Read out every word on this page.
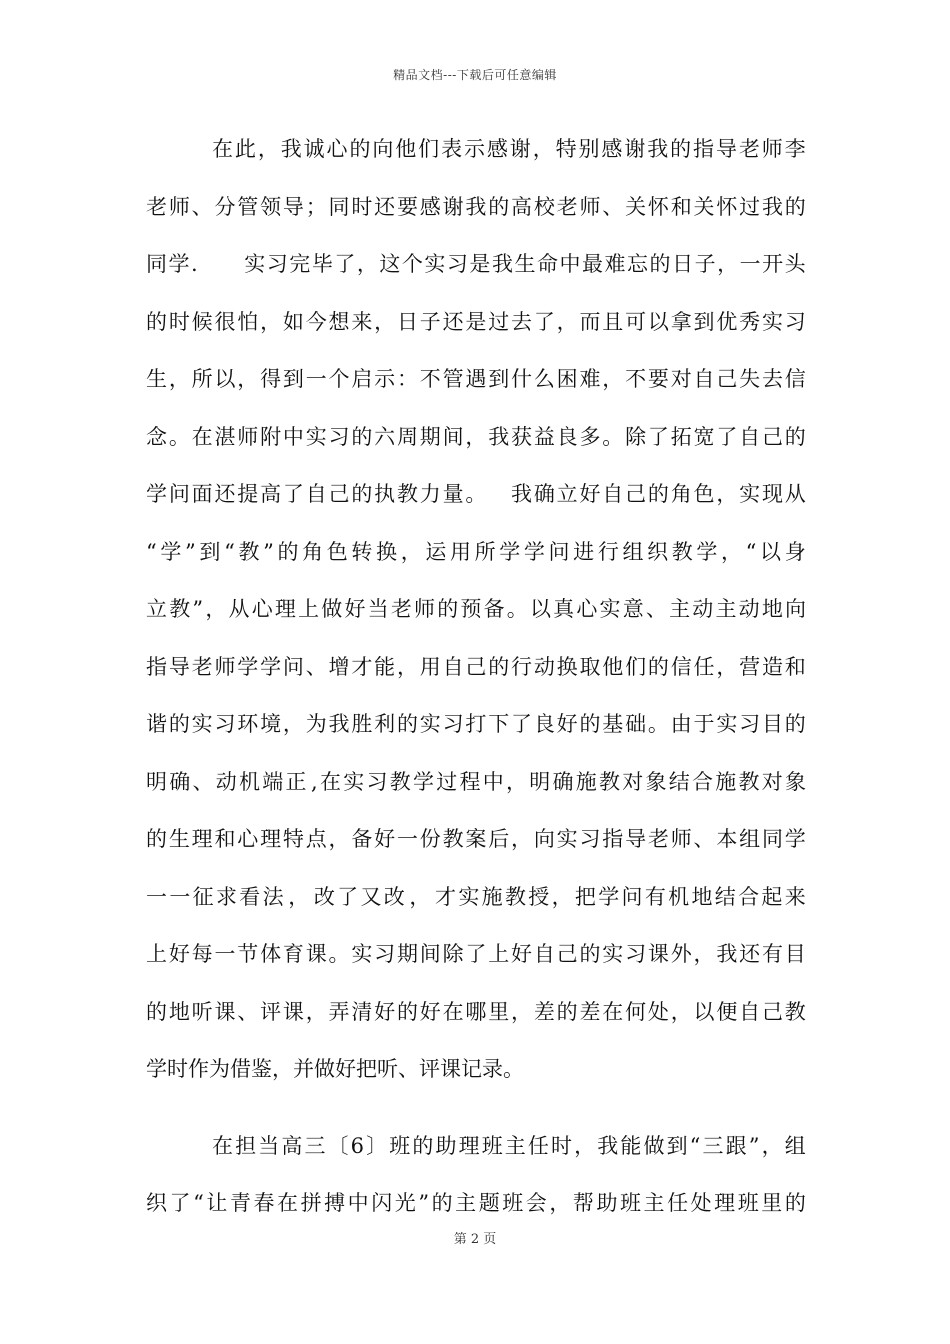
精品文档---下载后可任意编辑
在 此 ， 我 诚 心 的 向 他 们 表 示 感 谢 ， 特 别 感 谢 我 的 指 导 老 师 李
老 师 、 分 管 领 导 ； 同 时 还 要 感 谢 我 的 高 校 老 师 、 关 怀 和 关 怀 过 我 的
同 学 .

　 实 习 完 毕 了 ， 这 个 实 习 是 我 生 命 中 最 难 忘 的 日 子 ， 一 开 头
的 时 候 很 怕 ， 如 今 想 来 ， 日 子 还 是 过 去 了 ， 而 且 可 以 拿 到 优 秀 实 习
生 ， 所 以 ， 得 到 一 个 启 示 ： 不 管 遇 到 什 么 困 难 ， 不 要 对 自 己 失 去 信
念 。 在 湛 师 附 中 实 习 的 六 周 期 间 ， 我 获 益 良 多 。 除 了 拓 宽 了 自 己 的
学 问 面 还 提 高 了 自 己 的 执 教 力 量 。
　 我 确 立 好 自 己 的 角 色 ， 实 现 从
“ 学 ” 到 “ 教 ” 的 角 色 转 换 ， 运 用 所 学 学 问 进 行 组 织 教 学 ， “ 以 身
立 教 ” ， 从 心 理 上 做 好 当 老 师 的 预 备 。 以 真 心 实 意 、 主 动 主 动 地 向
指 导 老 师 学 学 问 、 增 才 能 ， 用 自 己 的 行 动 换 取 他 们 的 信 任 ， 营 造 和
谐 的 实 习 环 境 ， 为 我 胜 利 的 实 习 打 下 了 良 好 的 基 础 。 由 于 实 习 目 的
明 确 、 动 机 端 正 , 在 实 习 教 学 过 程 中 ， 明 确 施 教 对 象 结 合 施 教 对 象
的 生 理 和 心 理 特 点 ， 备 好 一 份 教 案 后 ， 向 实 习 指 导 老 师 、 本 组 同 学
一 一 征 求 看 法 ， 改 了 又 改 ， 才 实 施 教 授 ， 把 学 问 有 机 地 结 合 起 来
上 好 每 一 节 体 育 课 。 实 习 期 间 除 了 上 好 自 己 的 实 习 课 外 ， 我 还 有 目
的 地 听 课 、 评 课 ， 弄 清 好 的 好 在 哪 里 ， 差 的 差 在 何 处 ， 以 便 自 己 教
学时作为借鉴，并做好把听、评课记录。
在 担 当 高 三 〔 6 〕 班 的 助 理 班 主 任 时 ， 我 能 做 到 “ 三 跟 ” ， 组
织 了 “ 让 青 春 在 拼 搏 中 闪 光 ” 的 主 题 班 会 ， 帮 助 班 主 任 处 理 班 里 的
第 2 页
